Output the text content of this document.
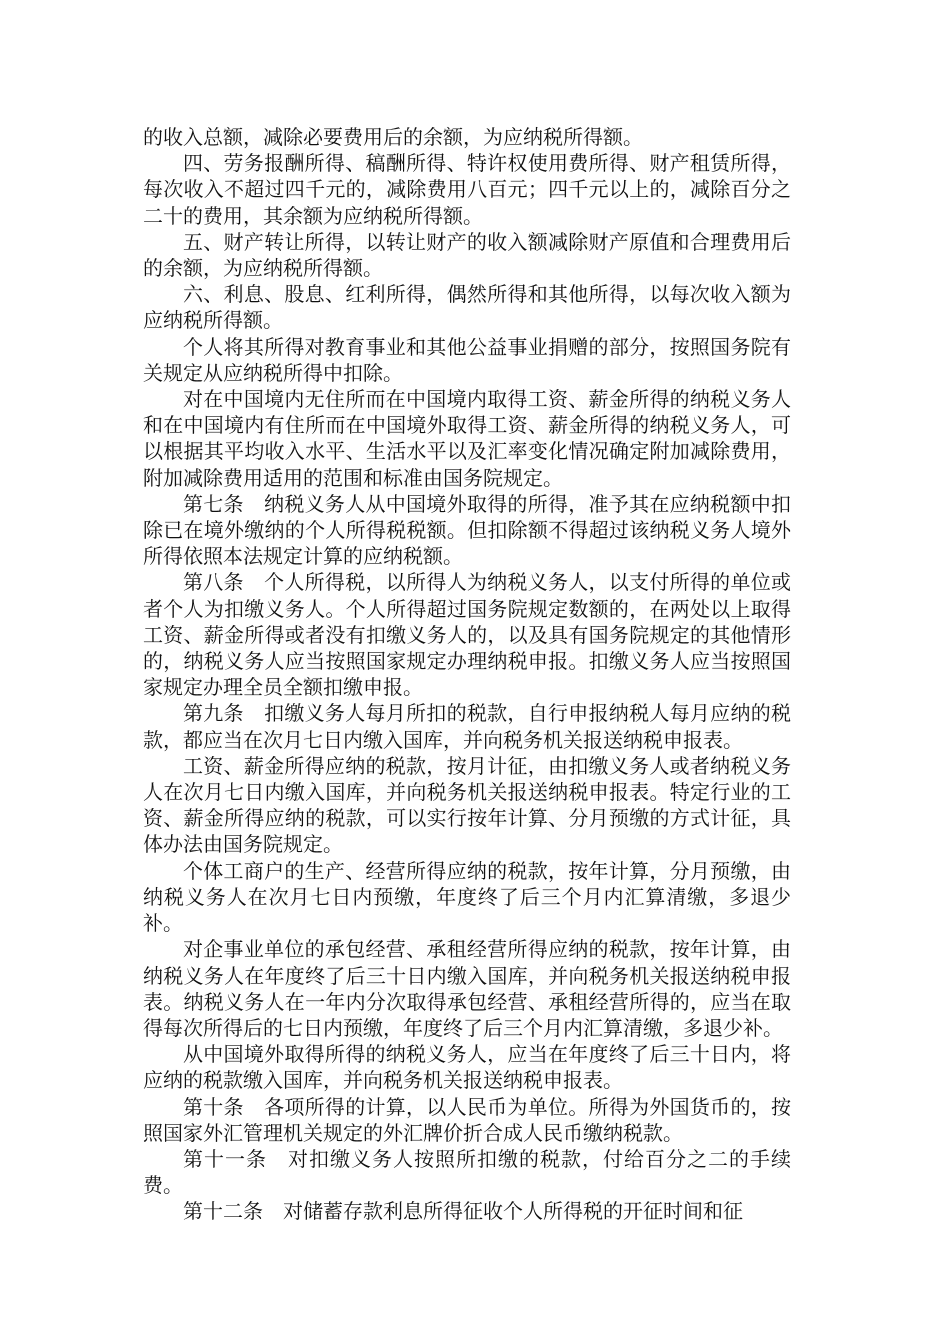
的收入总额，减除必要费用后的余额，为应纳税所得额。

四、劳务报酬所得、稿酬所得、特许权使用费所得、财产租赁所得，每次收入不超过四千元的，减除费用八百元；四千元以上的，减除百分之二十的费用，其余额为应纳税所得额。

五、财产转让所得，以转让财产的收入额减除财产原值和合理费用后的余额，为应纳税所得额。

六、利息、股息、红利所得，偶然所得和其他所得，以每次收入额为应纳税所得额。

个人将其所得对教育事业和其他公益事业捐赠的部分，按照国务院有关规定从应纳税所得中扣除。

对在中国境内无住所而在中国境内取得工资、薪金所得的纳税义务人和在中国境内有住所而在中国境外取得工资、薪金所得的纳税义务人，可以根据其平均收入水平、生活水平以及汇率变化情况确定附加减除费用，附加减除费用适用的范围和标准由国务院规定。

第七条　纳税义务人从中国境外取得的所得，准予其在应纳税额中扣除已在境外缴纳的个人所得税税额。但扣除额不得超过该纳税义务人境外所得依照本法规定计算的应纳税额。

第八条　个人所得税，以所得人为纳税义务人，以支付所得的单位或者个人为扣缴义务人。个人所得超过国务院规定数额的，在两处以上取得工资、薪金所得或者没有扣缴义务人的，以及具有国务院规定的其他情形的，纳税义务人应当按照国家规定办理纳税申报。扣缴义务人应当按照国家规定办理全员全额扣缴申报。

第九条　扣缴义务人每月所扣的税款，自行申报纳税人每月应纳的税款，都应当在次月七日内缴入国库，并向税务机关报送纳税申报表。

工资、薪金所得应纳的税款，按月计征，由扣缴义务人或者纳税义务人在次月七日内缴入国库，并向税务机关报送纳税申报表。特定行业的工资、薪金所得应纳的税款，可以实行按年计算、分月预缴的方式计征，具体办法由国务院规定。

个体工商户的生产、经营所得应纳的税款，按年计算，分月预缴，由纳税义务人在次月七日内预缴，年度终了后三个月内汇算清缴，多退少补。

对企事业单位的承包经营、承租经营所得应纳的税款，按年计算，由纳税义务人在年度终了后三十日内缴入国库，并向税务机关报送纳税申报表。纳税义务人在一年内分次取得承包经营、承租经营所得的，应当在取得每次所得后的七日内预缴，年度终了后三个月内汇算清缴，多退少补。

从中国境外取得所得的纳税义务人，应当在年度终了后三十日内，将应纳的税款缴入国库，并向税务机关报送纳税申报表。

第十条　各项所得的计算，以人民币为单位。所得为外国货币的，按照国家外汇管理机关规定的外汇牌价折合成人民币缴纳税款。

第十一条　对扣缴义务人按照所扣缴的税款，付给百分之二的手续费。

第十二条　对储蓄存款利息所得征收个人所得税的开征时间和征
